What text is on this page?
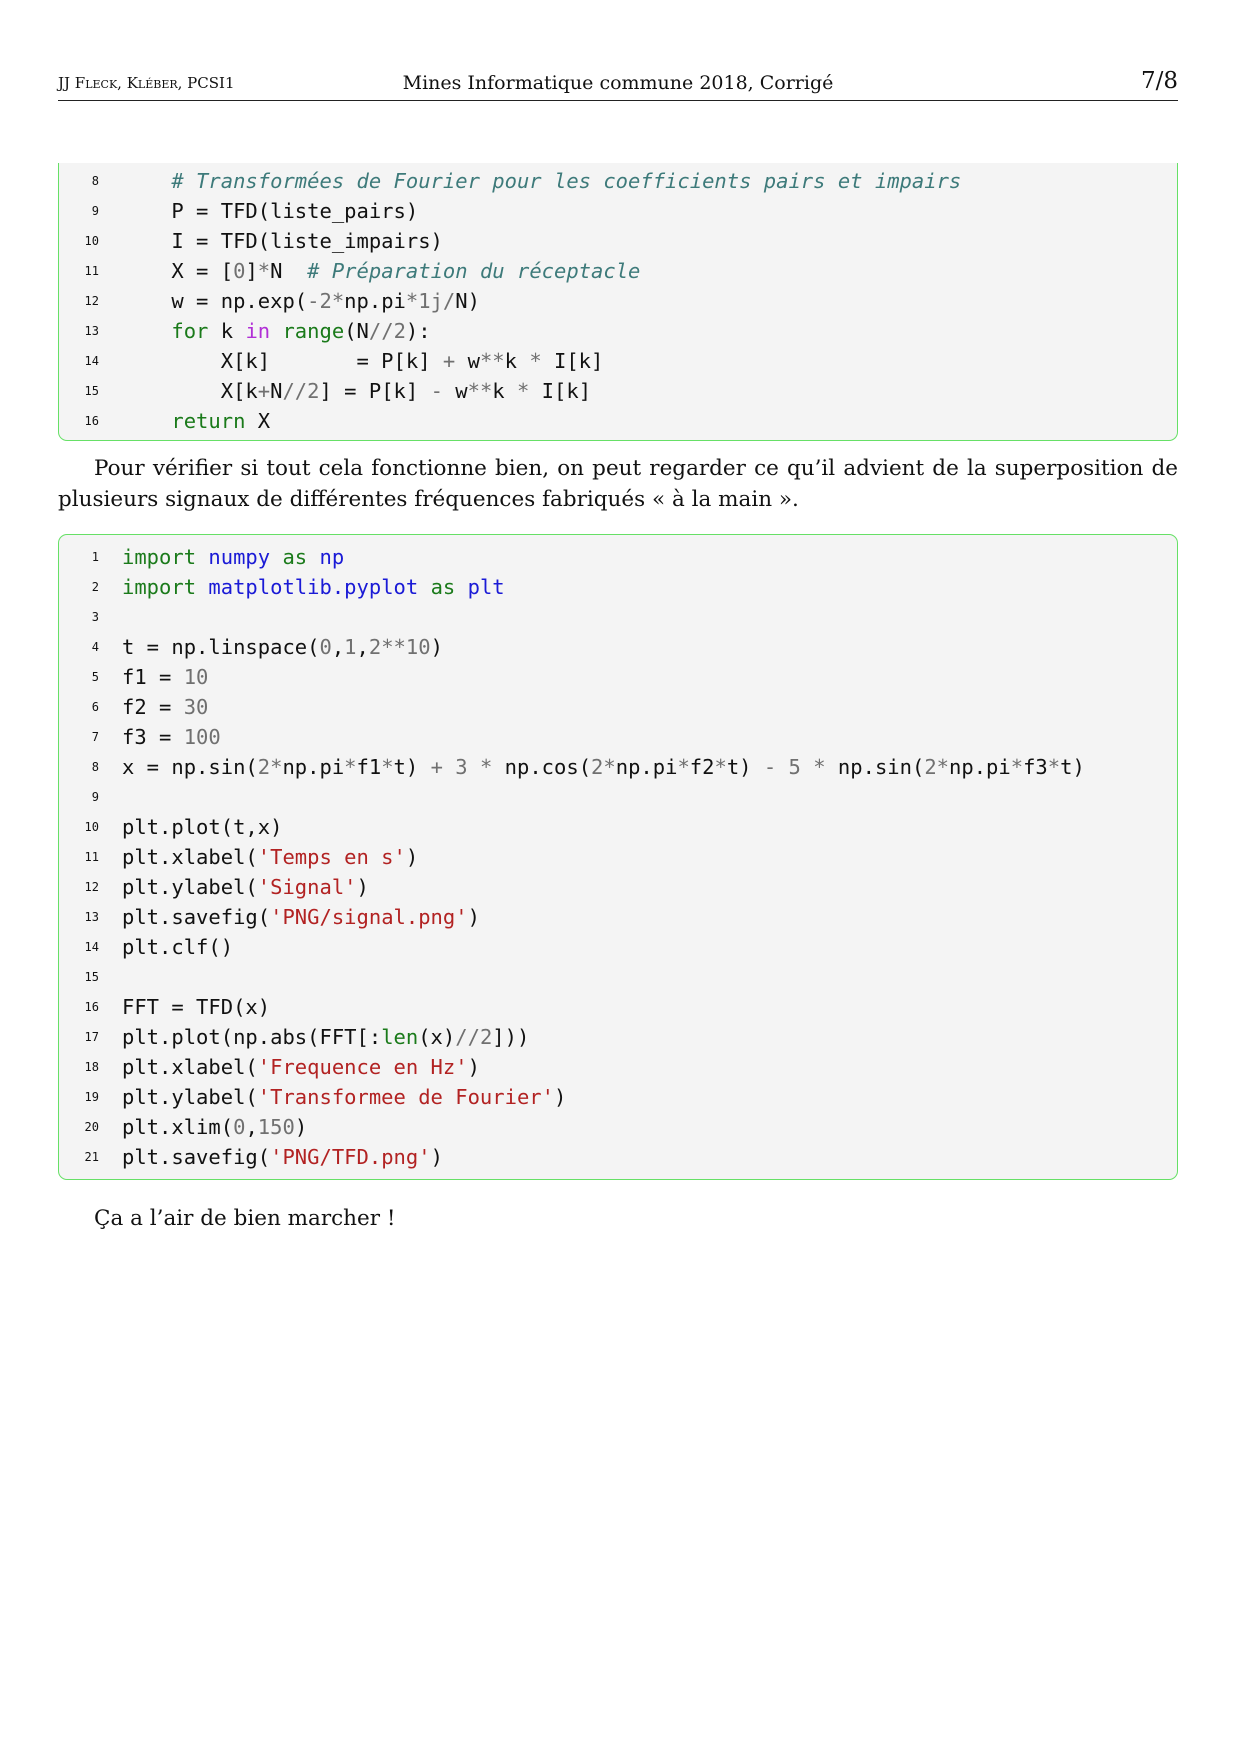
JJ Fleck, Kléber, PCSI1	Mines Informatique commune 2018, Corrigé	7/8
8 # Transformées de Fourier pour les coefficients pairs et impairs
9 P = TFD(liste_pairs)
10 I = TFD(liste_impairs)
11 X = [0]*N  # Préparation du réceptacle
12 w = np.exp(-2*np.pi*1j/N)
13	for k in range(N//2):
14 X[k]       = P[k] + w**k * I[k]
15 X[k+N//2] = P[k] - w**k * I[k]
16	return X

Pour vérifier si tout cela fonctionne bien, on peut regarder ce qu’il advient de la superposition de plusieurs signaux de différentes fréquences fabriqués « à la main ».

1 import numpy as np
2 import matplotlib.pyplot as plt
3
4 t = np.linspace(0,1,2**10)
5 f1 = 10
6 f2 = 30
7 f3 = 100
8 x = np.sin(2*np.pi*f1*t) + 3 * np.cos(2*np.pi*f2*t) - 5 * np.sin(2*np.pi*f3*t)
9
10 plt.plot(t,x)
11 plt.xlabel('Temps en s')
12 plt.ylabel('Signal')
13 plt.savefig('PNG/signal.png')
14 plt.clf()
15
16 FFT = TFD(x)
17 plt.plot(np.abs(FFT[:len(x)//2]))
18 plt.xlabel('Frequence en Hz')
19 plt.ylabel('Transformee de Fourier')
20 plt.xlim(0,150)
21 plt.savefig('PNG/TFD.png')

Ça a l’air de bien marcher !
